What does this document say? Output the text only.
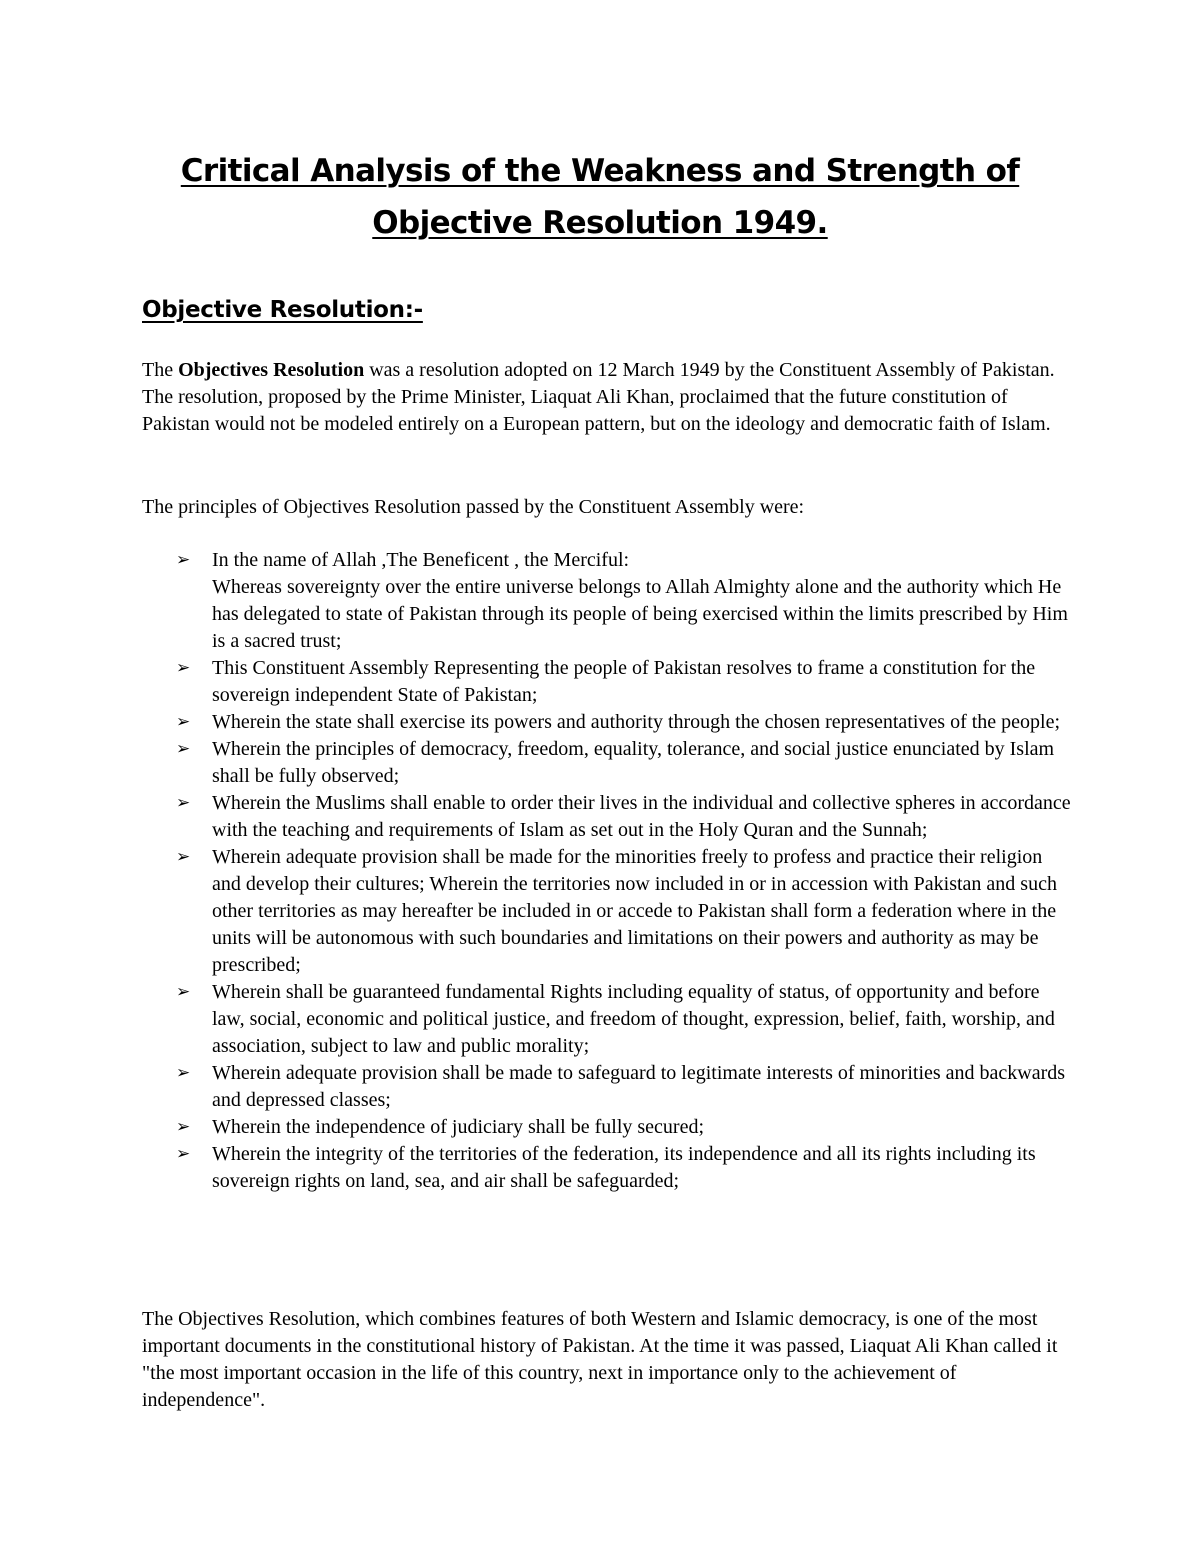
Critical Analysis of the Weakness and Strength of
Objective Resolution 1949.
Objective Resolution:-

The Objectives Resolution was a resolution adopted on 12 March 1949 by the Constituent Assembly of Pakistan. The resolution, proposed by the Prime Minister, Liaquat Ali Khan, proclaimed that the future constitution of Pakistan would not be modeled entirely on a European pattern, but on the ideology and democratic faith of Islam.

The principles of Objectives Resolution passed by the Constituent Assembly were:

➢ In the name of Allah ,The Beneficent , the Merciful:
Whereas sovereignty over the entire universe belongs to Allah Almighty alone and the authority which He has delegated to state of Pakistan through its people of being exercised within the limits prescribed by Him is a sacred trust;
➢ This Constituent Assembly Representing the people of Pakistan resolves to frame a constitution for the sovereign independent State of Pakistan;
➢ Wherein the state shall exercise its powers and authority through the chosen representatives of the people;
➢ Wherein the principles of democracy, freedom, equality, tolerance, and social justice enunciated by Islam shall be fully observed;
➢ Wherein the Muslims shall enable to order their lives in the individual and collective spheres in accordance with the teaching and requirements of Islam as set out in the Holy Quran and the Sunnah;
➢ Wherein adequate provision shall be made for the minorities freely to profess and practice their religion and develop their cultures; Wherein the territories now included in or in accession with Pakistan and such other territories as may hereafter be included in or accede to Pakistan shall form a federation where in the units will be autonomous with such boundaries and limitations on their powers and authority as may be prescribed;
➢ Wherein shall be guaranteed fundamental Rights including equality of status, of opportunity and before law, social, economic and political justice, and freedom of thought, expression, belief, faith, worship, and association, subject to law and public morality;
➢ Wherein adequate provision shall be made to safeguard to legitimate interests of minorities and backwards and depressed classes;
➢ Wherein the independence of judiciary shall be fully secured;
➢ Wherein the integrity of the territories of the federation, its independence and all its rights including its sovereign rights on land, sea, and air shall be safeguarded;

The Objectives Resolution, which combines features of both Western and Islamic democracy, is one of the most important documents in the constitutional history of Pakistan. At the time it was passed, Liaquat Ali Khan called it "the most important occasion in the life of this country, next in importance only to the achievement of independence".
